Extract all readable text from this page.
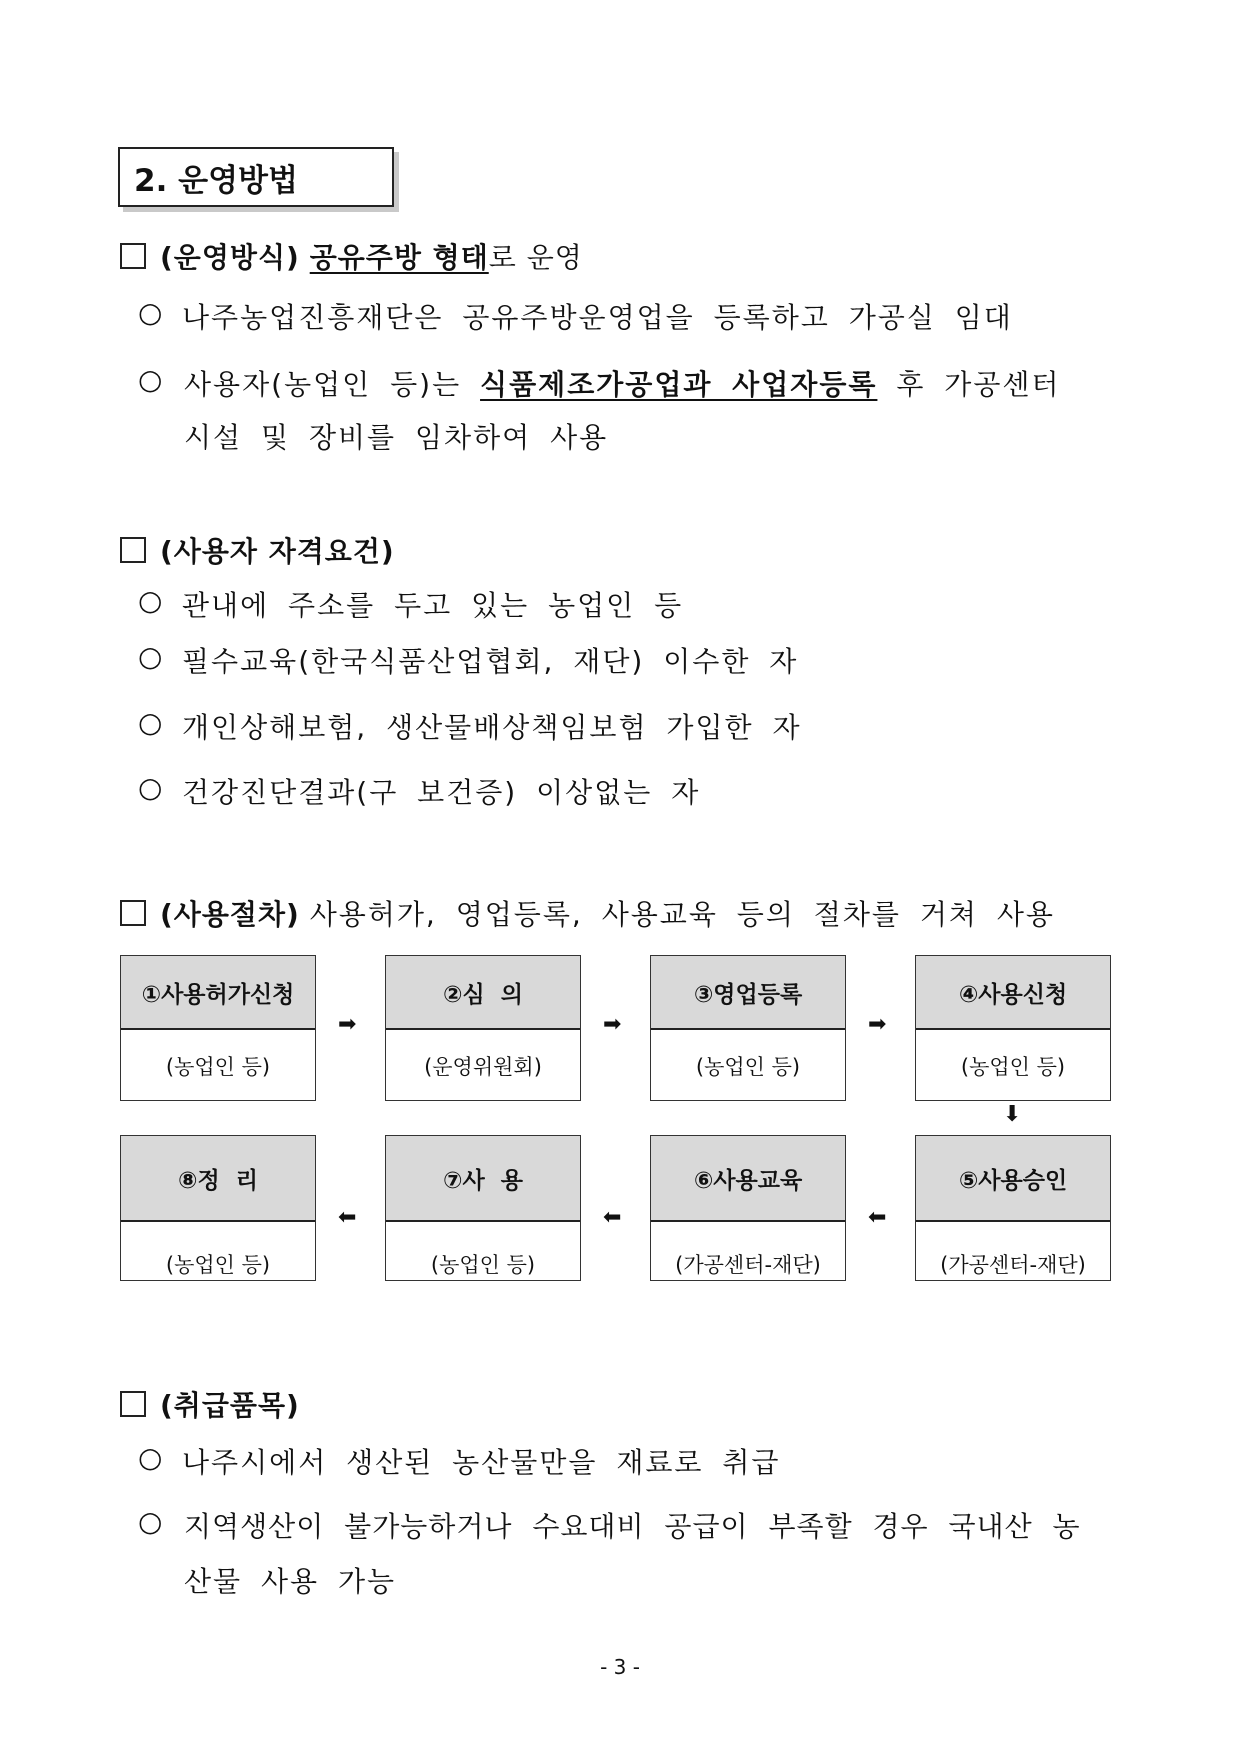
2. 운영방법
(운영방식) 공유주방 형태로 운영
○ 나주농업진흥재단은 공유주방운영업을 등록하고 가공실 임대
○ 사용자(농업인 등)는 식품제조가공업과 사업자등록 후 가공센터
시설 및 장비를 임차하여 사용
(사용자 자격요건)
○ 관내에 주소를 두고 있는 농업인 등
○ 필수교육(한국식품산업협회, 재단) 이수한 자
○ 개인상해보험, 생산물배상책임보험 가입한 자
○ 건강진단결과(구 보건증) 이상없는 자
(사용절차) 사용허가, 영업등록, 사용교육 등의 절차를 거쳐 사용
①사용허가신청
(농업인 등)
➡
②심  의
(운영위원회)
➡
③영업등록
(농업인 등)
➡
④사용신청
(농업인 등)
⬇
⑧정  리
(농업인 등)
⬅
⑦사  용
(농업인 등)
⬅
⑥사용교육
(가공센터-재단)
⬅
⑤사용승인
(가공센터-재단)
(취급품목)
○ 나주시에서 생산된 농산물만을 재료로 취급
○ 지역생산이 불가능하거나 수요대비 공급이 부족할 경우 국내산 농
산물 사용 가능
- 3 -
